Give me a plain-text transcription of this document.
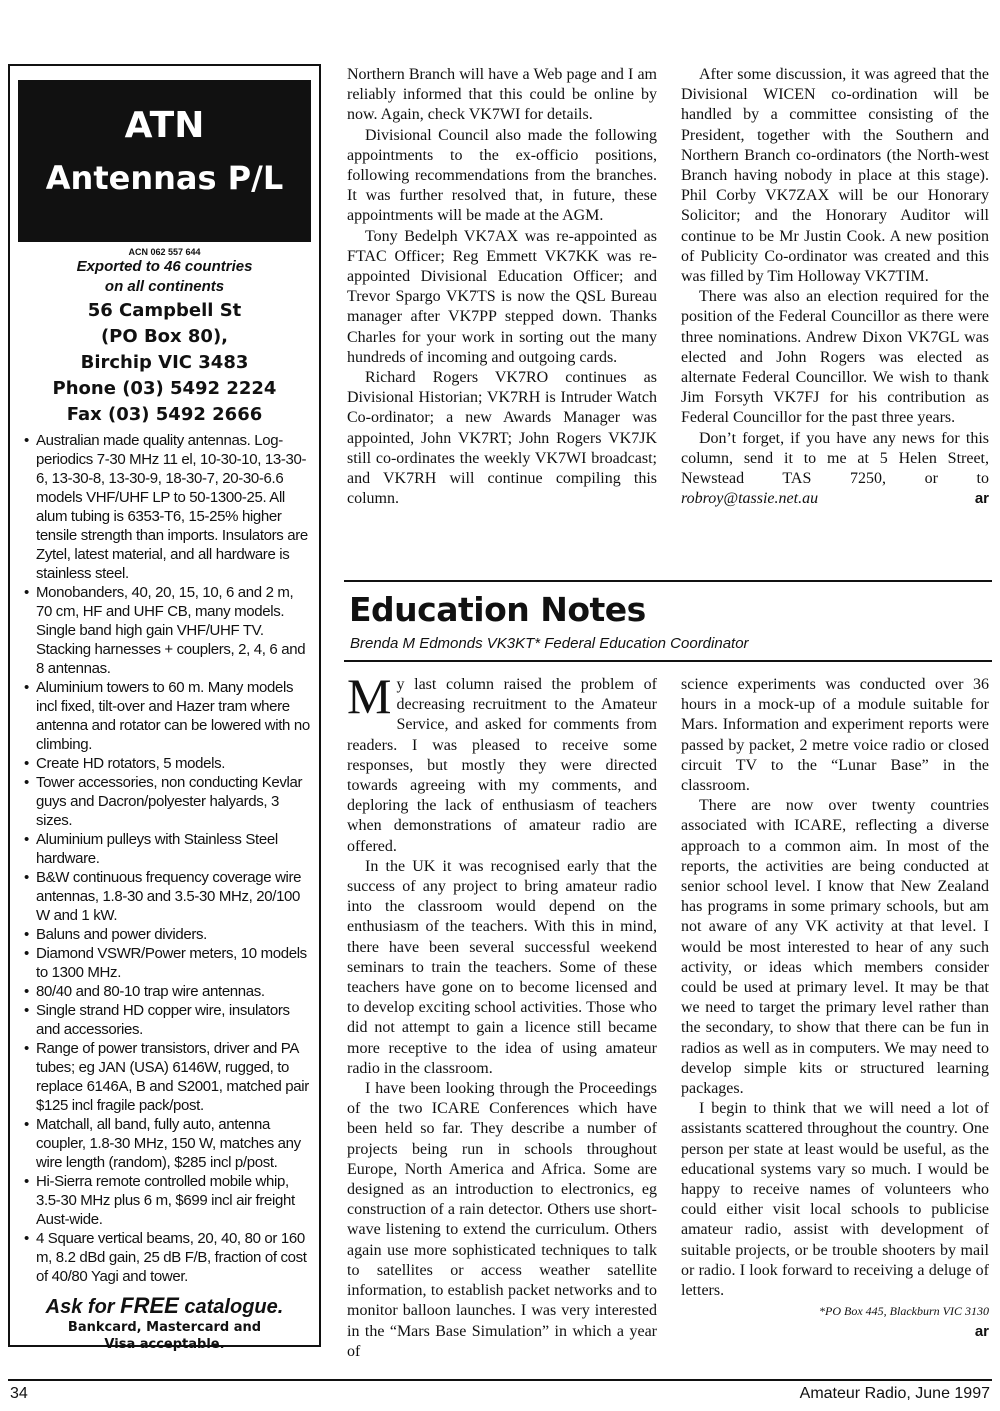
ATN
Antennas P/L
ACN 062 557 644
Exported to 46 countries
on all continents
56 Campbell St
(PO Box 80),
Birchip VIC 3483
Phone (03) 5492 2224
Fax (03) 5492 2666
• Australian made quality antennas. Log-periodics 7-30 MHz 11 el, 10-30-10, 13-30-6, 13-30-8, 13-30-9, 18-30-7, 20-30-6.6 models VHF/UHF LP to 50-1300-25. All alum tubing is 6353-T6, 15-25% higher tensile strength than imports. Insulators are Zytel, latest material, and all hardware is stainless steel.
• Monobanders, 40, 20, 15, 10, 6 and 2 m, 70 cm, HF and UHF CB, many models. Single band high gain VHF/UHF TV. Stacking harnesses + couplers, 2, 4, 6 and 8 antennas.
• Aluminium towers to 60 m. Many models incl fixed, tilt-over and Hazer tram where antenna and rotator can be lowered with no climbing.
• Create HD rotators, 5 models.
• Tower accessories, non conducting Kevlar guys and Dacron/polyester halyards, 3 sizes.
• Aluminium pulleys with Stainless Steel hardware.
• B&W continuous frequency coverage wire antennas, 1.8-30 and 3.5-30 MHz, 20/100 W and 1 kW.
• Baluns and power dividers.
• Diamond VSWR/Power meters, 10 models to 1300 MHz.
• 80/40 and 80-10 trap wire antennas.
• Single strand HD copper wire, insulators and accessories.
• Range of power transistors, driver and PA tubes; eg JAN (USA) 6146W, rugged, to replace 6146A, B and S2001, matched pair $125 incl fragile pack/post.
• Matchall, all band, fully auto, antenna coupler, 1.8-30 MHz, 150 W, matches any wire length (random), $285 incl p/post.
• Hi-Sierra remote controlled mobile whip, 3.5-30 MHz plus 6 m, $699 incl air freight Aust-wide.
• 4 Square vertical beams, 20, 40, 80 or 160 m, 8.2 dBd gain, 25 dB F/B, fraction of cost of 40/80 Yagi and tower.
Ask for FREE catalogue.
Bankcard, Mastercard and
Visa acceptable.

Northern Branch will have a Web page and I am reliably informed that this could be online by now. Again, check VK7WI for details.

Divisional Council also made the following appointments to the ex-officio positions, following recommendations from the branches. It was further resolved that, in future, these appointments will be made at the AGM.

Tony Bedelph VK7AX was re-appointed as FTAC Officer; Reg Emmett VK7KK was re-appointed Divisional Education Officer; and Trevor Spargo VK7TS is now the QSL Bureau manager after VK7PP stepped down. Thanks Charles for your work in sorting out the many hundreds of incoming and outgoing cards.

Richard Rogers VK7RO continues as Divisional Historian; VK7RH is Intruder Watch Co-ordinator; a new Awards Manager was appointed, John VK7RT; John Rogers VK7JK still co-ordinates the weekly VK7WI broadcast; and VK7RH will continue compiling this column.

After some discussion, it was agreed that the Divisional WICEN co-ordination will be handled by a committee consisting of the President, together with the Southern and Northern Branch co-ordinators (the North-west Branch having nobody in place at this stage). Phil Corby VK7ZAX will be our Honorary Solicitor; and the Honorary Auditor will continue to be Mr Justin Cook. A new position of Publicity Co-ordinator was created and this was filled by Tim Holloway VK7TIM.

There was also an election required for the position of the Federal Councillor as there were three nominations. Andrew Dixon VK7GL was elected and John Rogers was elected as alternate Federal Councillor. We wish to thank Jim Forsyth VK7FJ for his contribution as Federal Councillor for the past three years.

Don’t forget, if you have any news for this column, send it to me at 5 Helen Street, Newstead TAS 7250, or to robroy@tassie.net.au	ar

Education Notes
Brenda M Edmonds VK3KT* Federal Education Coordinator

My last column raised the problem of decreasing recruitment to the Amateur Service, and asked for comments from readers. I was pleased to receive some responses, but mostly they were directed towards agreeing with my comments, and deploring the lack of enthusiasm of teachers when demonstrations of amateur radio are offered.

In the UK it was recognised early that the success of any project to bring amateur radio into the classroom would depend on the enthusiasm of the teachers. With this in mind, there have been several successful weekend seminars to train the teachers. Some of these teachers have gone on to become licensed and to develop exciting school activities. Those who did not attempt to gain a licence still became more receptive to the idea of using amateur radio in the classroom.

I have been looking through the Proceedings of the two ICARE Conferences which have been held so far. They describe a number of projects being run in schools throughout Europe, North America and Africa. Some are designed as an introduction to electronics, eg construction of a rain detector. Others use short-wave listening to extend the curriculum. Others again use more sophisticated techniques to talk to satellites or access weather satellite information, to establish packet networks and to monitor balloon launches. I was very interested in the “Mars Base Simulation” in which a year of

science experiments was conducted over 36 hours in a mock-up of a module suitable for Mars. Information and experiment reports were passed by packet, 2 metre voice radio or closed circuit TV to the “Lunar Base” in the classroom.

There are now over twenty countries associated with ICARE, reflecting a diverse approach to a common aim. In most of the reports, the activities are being conducted at senior school level. I know that New Zealand has programs in some primary schools, but am not aware of any VK activity at that level. I would be most interested to hear of any such activity, or ideas which members consider could be used at primary level. It may be that we need to target the primary level rather than the secondary, to show that there can be fun in radios as well as in computers. We may need to develop simple kits or structured learning packages.

I begin to think that we will need a lot of assistants scattered throughout the country. One person per state at least would be useful, as the educational systems vary so much. I would be happy to receive names of volunteers who could either visit local schools to publicise amateur radio, assist with development of suitable projects, or be trouble shooters by mail or radio. I look forward to receiving a deluge of letters.

*PO Box 445, Blackburn VIC 3130
ar
34	Amateur Radio, June 1997
